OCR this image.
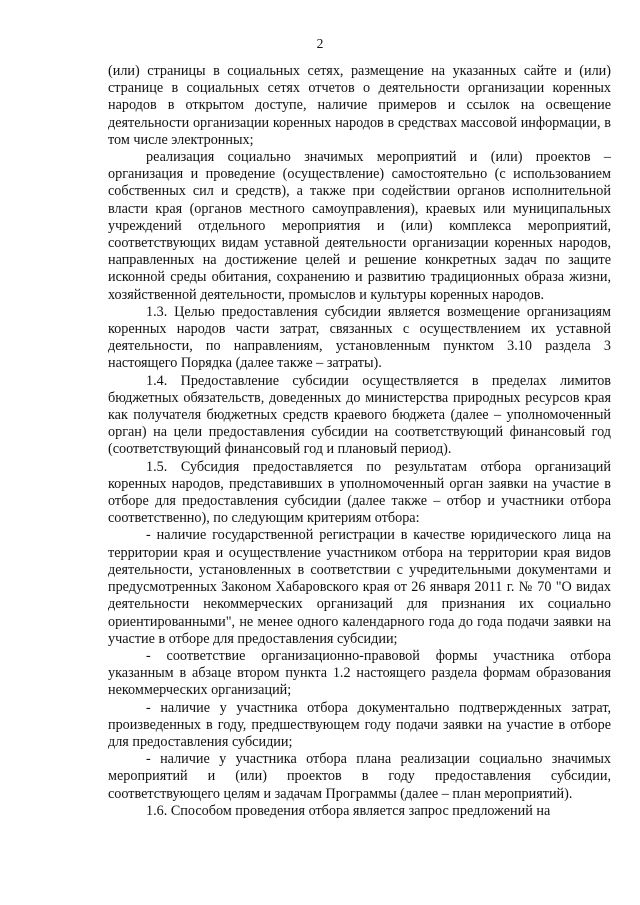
2

(или) страницы в социальных сетях, размещение на указанных сайте и (или) странице в социальных сетях отчетов о деятельности организации коренных народов в открытом доступе, наличие примеров и ссылок на освещение деятельности организации коренных народов в средствах массовой информации, в том числе электронных;

реализация социально значимых мероприятий и (или) проектов – организация и проведение (осуществление) самостоятельно (с использованием собственных сил и средств), а также при содействии органов исполнительной власти края (органов местного самоуправления), краевых или муниципальных учреждений отдельного мероприятия и (или) комплекса мероприятий, соответствующих видам уставной деятельности организации коренных народов, направленных на достижение целей и решение конкретных задач по защите исконной среды обитания, сохранению и развитию традиционных образа жизни, хозяйственной деятельности, промыслов и культуры коренных народов.

1.3. Целью предоставления субсидии является возмещение организациям коренных народов части затрат, связанных с осуществлением их уставной деятельности, по направлениям, установленным пунктом 3.10 раздела 3 настоящего Порядка (далее также – затраты).

1.4. Предоставление субсидии осуществляется в пределах лимитов бюджетных обязательств, доведенных до министерства природных ресурсов края как получателя бюджетных средств краевого бюджета (далее – уполномоченный орган) на цели предоставления субсидии на соответствующий финансовый год (соответствующий финансовый год и плановый период).

1.5. Субсидия предоставляется по результатам отбора организаций коренных народов, представивших в уполномоченный орган заявки на участие в отборе для предоставления субсидии (далее также – отбор и участники отбора соответственно), по следующим критериям отбора:

- наличие государственной регистрации в качестве юридического лица на территории края и осуществление участником отбора на территории края видов деятельности, установленных в соответствии с учредительными документами и предусмотренных Законом Хабаровского края от 26 января 2011 г. № 70 "О видах деятельности некоммерческих организаций для признания их социально ориентированными", не менее одного календарного года до года подачи заявки на участие в отборе для предоставления субсидии;

- соответствие организационно-правовой формы участника отбора указанным в абзаце втором пункта 1.2 настоящего раздела формам образования некоммерческих организаций;

- наличие у участника отбора документально подтвержденных затрат, произведенных в году, предшествующем году подачи заявки на участие в отборе для предоставления субсидии;

- наличие у участника отбора плана реализации социально значимых мероприятий и (или) проектов в году предоставления субсидии, соответствующего целям и задачам Программы (далее – план мероприятий).

1.6. Способом проведения отбора является запрос предложений на
